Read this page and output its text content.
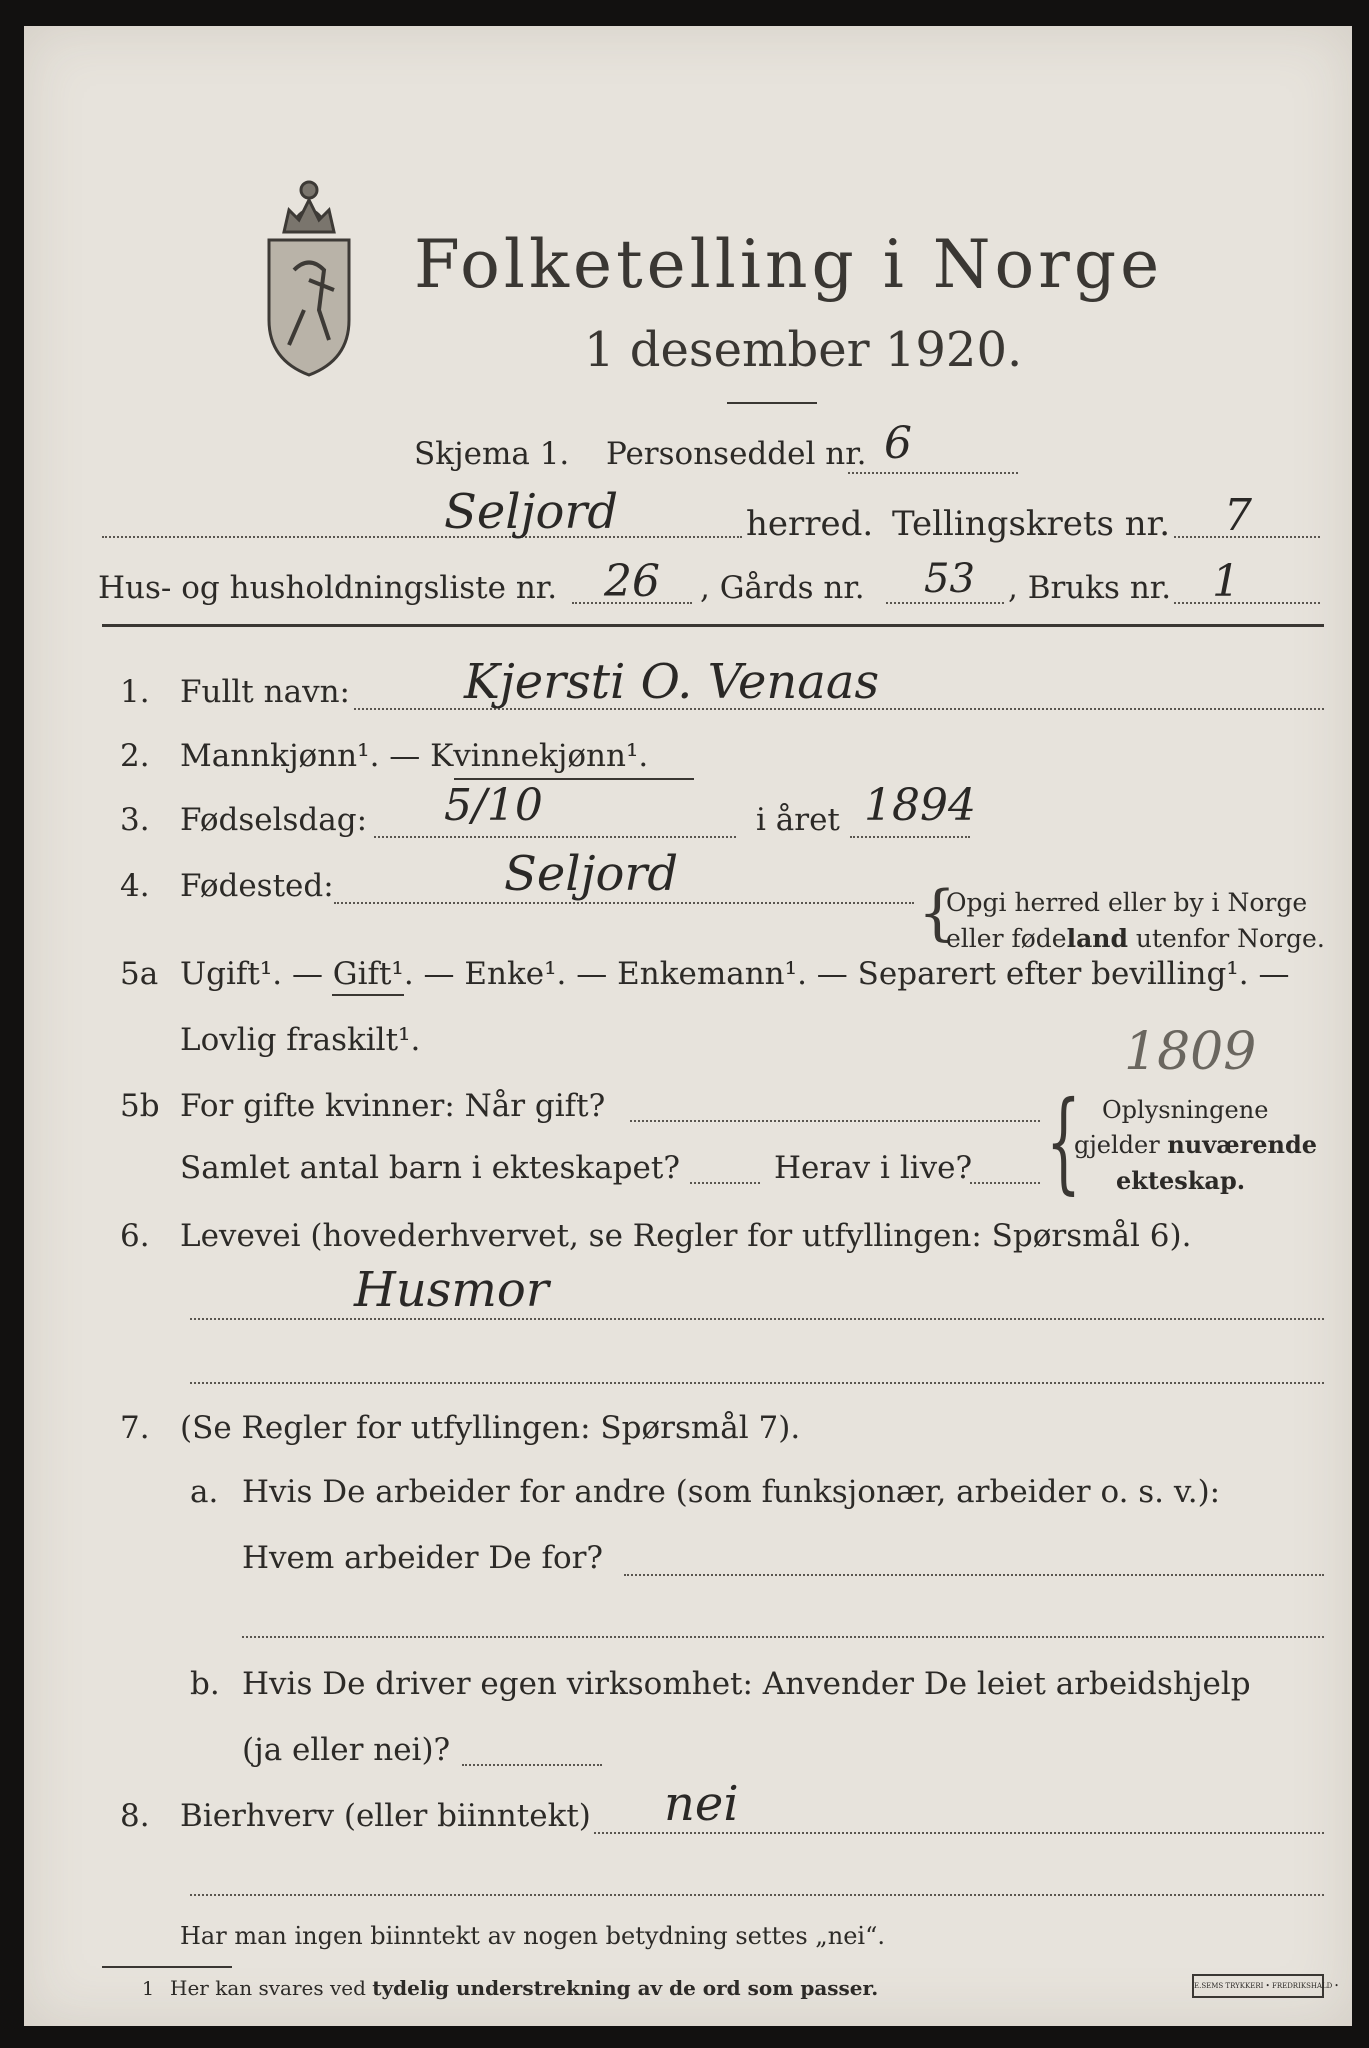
Folketelling i Norge
1 desember 1920.
Skjema 1. Personseddel nr. 6
Seljord	herred. Tellingskrets nr. 7
Hus- og husholdningsliste nr. 26 , Gårds nr. 53 , Bruks nr. 1
1. Fullt navn: Kjersti O. Venaas
2. Mannkjønn¹. — Kvinnekjønn¹.
3. Fødselsdag: 5/10	i året 1894
4. Fødested:	Seljord
{
Opgi herred eller by i Norge
eller fødeland utenfor Norge.
5a Ugift¹. — Gift¹. — Enke¹. — Enkemann¹. — Separert efter bevilling¹. —
Lovlig fraskilt¹.	1809
5b For gifte kvinner: Når gift?
Samlet antal barn i ekteskapet?	Herav i live? { Oplysningene
gjelder nuværende
ekteskap.
6. Levevei (hovederhvervet, se Regler for utfyllingen: Spørsmål 6).
Husmor
7. (Se Regler for utfyllingen: Spørsmål 7).
a. Hvis De arbeider for andre (som funksjonær, arbeider o. s. v.):
Hvem arbeider De for?
b. Hvis De driver egen virksomhet: Anvender De leiet arbeidshjelp
(ja eller nei)?
8. Bierhverv (eller biinntekt) nei
Har man ingen biinntekt av nogen betydning settes „nei“.
1 Her kan svares ved tydelig understrekning av de ord som passer.	E.SEMS TRYKKERI • FREDRIKSHALD •
